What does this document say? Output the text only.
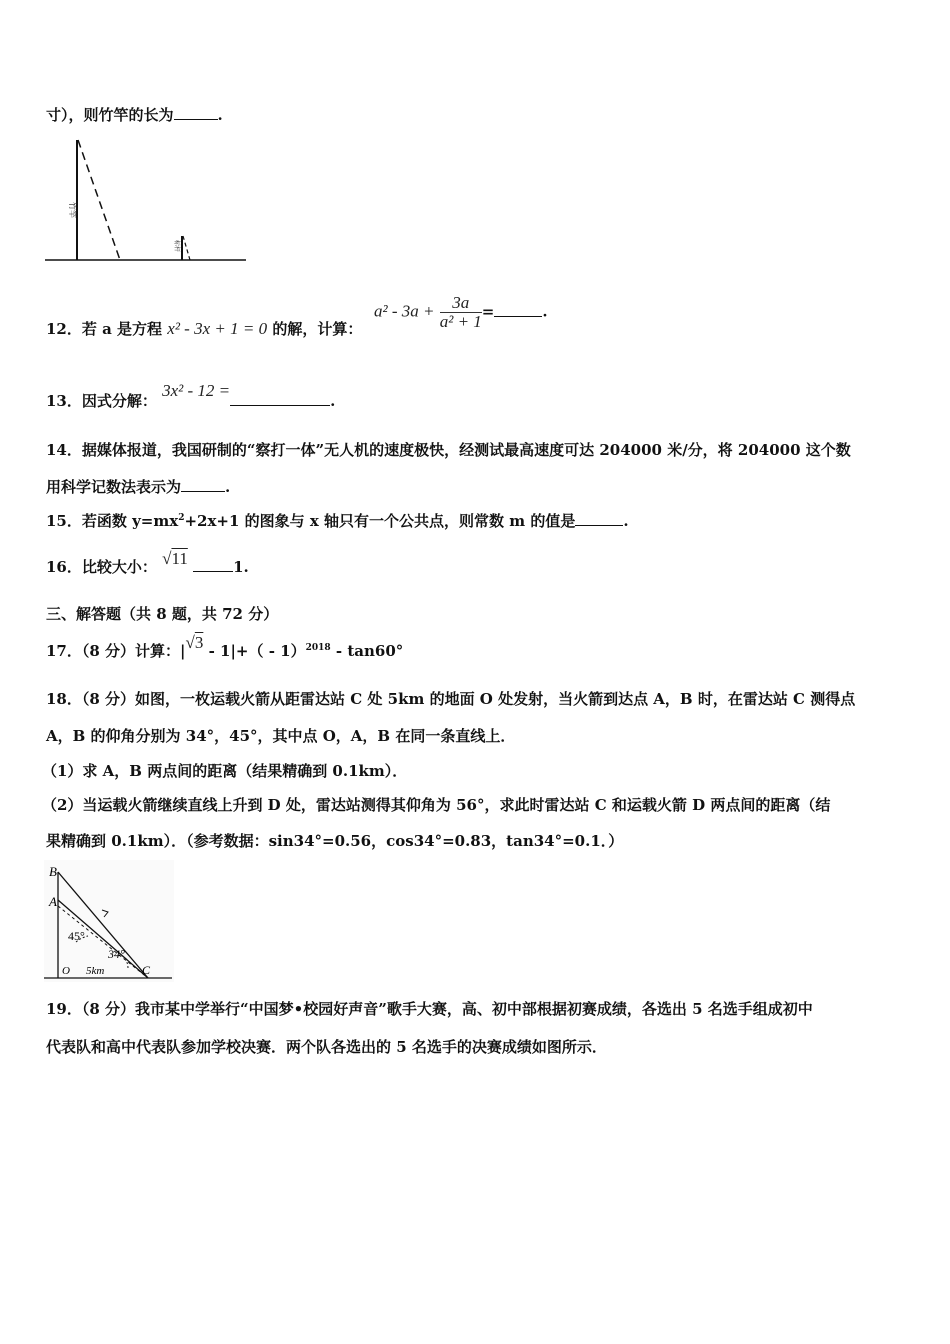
寸），则竹竿的长为	.
竹竿
标杆
12．若 a 是方程 x² - 3x + 1 = 0 的解，计算：
$a^2 - 3a + \frac{3a}{\text{a² + 1}}$ =	.
13．因式分解： 3x² - 12 =.
14．据媒体报道，我国研制的“察打一体”无人机的速度极快，经测试最高速度可达 204000 米/分，将 204000 这个数
用科学记数法表示为	.
15．若函数 $y=mx^2+2x+1$ 的图象与 x 轴只有一个公共点，则常数 m 的值是	.
16．比较大小： √11	1.
三、解答题（共 8 题，共 72 分）
17．（8 分）计算：|√3 - 1|+（ - 1）$^{2018}$ - tan60°
18．（8 分）如图，一枚运载火箭从距雷达站 C 处 5km 的地面 O 处发射，当火箭到达点 A，B 时，在雷达站 C 测得点
A，B 的仰角分别为 34°，45°，其中点 O，A，B 在同一条直线上．
（1）求 A，B 两点间的距离（结果精确到 0.1km）．
（2）当运载火箭继续直线上升到 D 处，雷达站测得其仰角为 56°，求此时雷达站 C 和运载火箭 D 两点间的距离（结
果精确到 0.1km）．（参考数据：sin34°=0.56，cos34°=0.83，tan34°=0.1．）
B
A
45°
34°
O 5km	C
19．（8 分）我市某中学举行“中国梦•校园好声音”歌手大赛，高、初中部根据初赛成绩，各选出 5 名选手组成初中
代表队和高中代表队参加学校决赛．两个队各选出的 5 名选手的决赛成绩如图所示．
